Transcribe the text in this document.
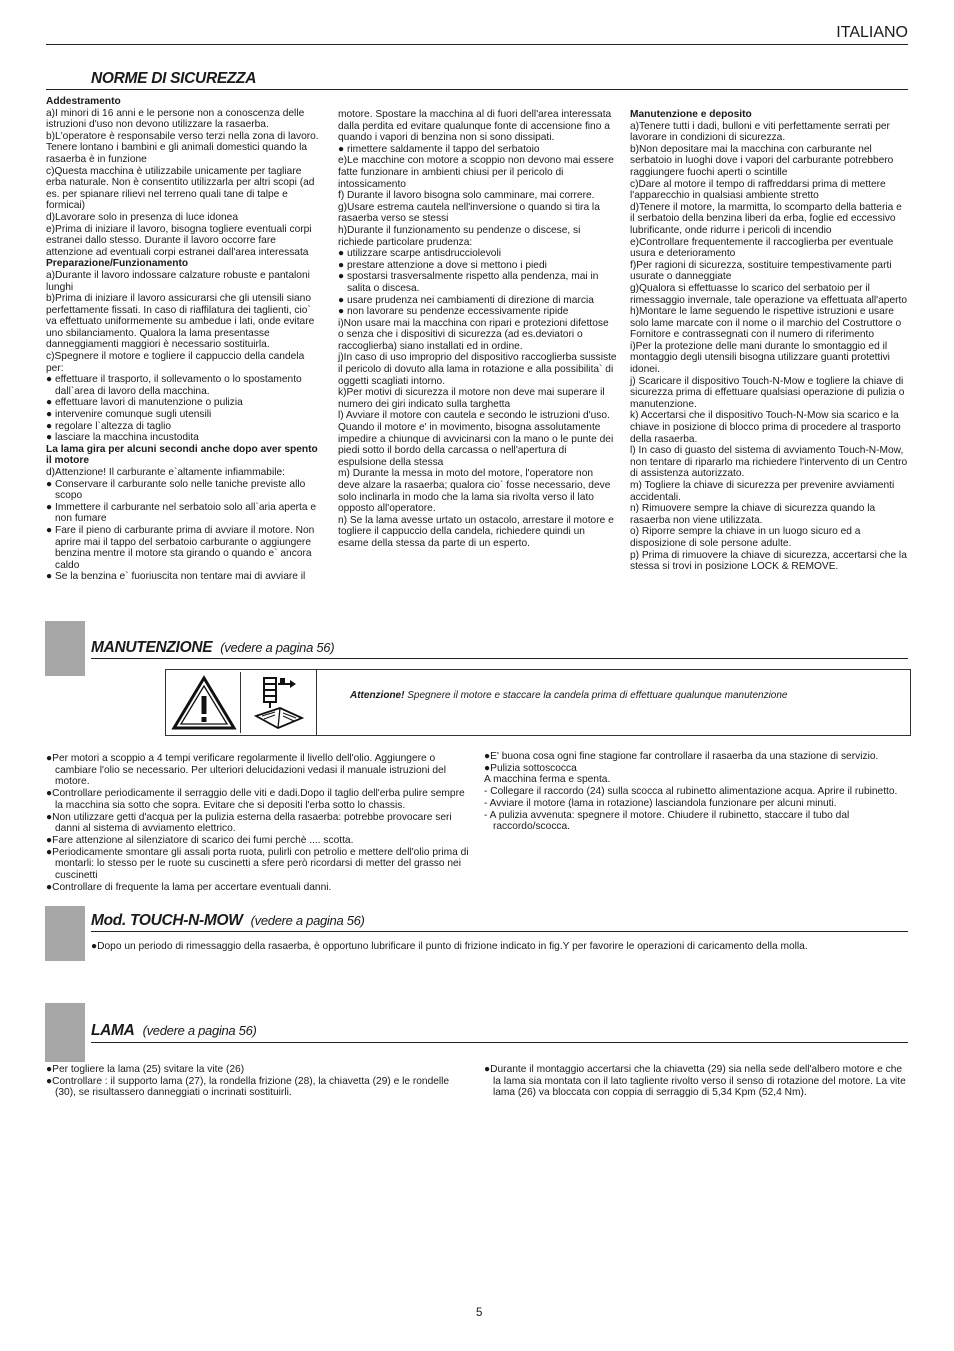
ITALIANO
NORME DI SICUREZZA

Addestramento

a)I minori di 16 anni e le persone non a conoscenza delle istruzioni d'uso non devono utilizzare la rasaerba.

b)L'operatore è responsabile verso terzi nella zona di lavoro. Tenere lontano i bambini e gli animali domestici quando la rasaerba è in funzione

c)Questa macchina è utilizzabile unicamente per tagliare erba naturale. Non è consentito utilizzarla per altri scopi (ad es. per spianare rilievi nel terreno quali tane di talpe e formicai)

d)Lavorare solo in presenza di luce idonea

e)Prima di iniziare il lavoro, bisogna togliere eventuali corpi estranei dallo stesso. Durante il lavoro occorre fare attenzione ad eventuali corpi estranei dall'area interessata

Preparazione/Funzionamento

a)Durante il lavoro indossare calzature robuste e pantaloni lunghi

b)Prima di iniziare il lavoro assicurarsi che gli utensili siano perfettamente fissati. In caso di riaffilatura dei taglienti, cio` va effettuato uniformemente su ambedue i lati, onde evitare uno sbilanciamento. Qualora la lama presentasse danneggiamenti maggiori è necessario sostituirla.

c)Spegnere il motore e togliere il cappuccio della candela per:

● effettuare il trasporto, il sollevamento o lo spostamento dall`area di lavoro della macchina.

● effettuare lavori di manutenzione o pulizia

● intervenire comunque sugli utensili

● regolare l`altezza di taglio

● lasciare la macchina incustodita

La lama gira per alcuni secondi anche dopo aver spento il motore

d)Attenzione! Il carburante e`altamente infiammabile:

● Conservare il carburante solo nelle taniche previste allo scopo

● Immettere il carburante nel serbatoio solo all`aria aperta e non fumare

● Fare il pieno di carburante prima di avviare il motore. Non aprire mai il tappo del serbatoio carburante o aggiungere benzina mentre il motore sta girando o quando e` ancora caldo

● Se la benzina e` fuoriuscita non tentare mai di avviare il

motore. Spostare la macchina al di fuori dell'area interessata dalla perdita ed evitare qualunque fonte di accensione fino a quando i vapori di benzina non si sono dissipati.

● rimettere saldamente il tappo del serbatoio

e)Le macchine con motore a scoppio non devono mai essere fatte funzionare in ambienti chiusi per il pericolo di intossicamento

f) Durante il lavoro bisogna solo camminare, mai correre.

g)Usare estrema cautela nell'inversione o quando si tira la rasaerba verso se stessi

h)Durante il funzionamento su pendenze o discese, si richiede particolare prudenza:

● utilizzare scarpe antisdrucciolevoli

● prestare attenzione a dove si mettono i piedi

● spostarsi trasversalmente rispetto alla pendenza, mai in salita o discesa.

● usare prudenza nei cambiamenti di direzione di marcia

● non lavorare su pendenze eccessivamente ripide

i)Non usare mai la macchina con ripari e protezioni difettose o senza che i dispositivi di sicurezza (ad es.deviatori o raccoglierba) siano installati ed in ordine.

j)In caso di uso improprio del dispositivo raccoglierba sussiste il pericolo di dovuto alla lama in rotazione e alla possibilita` di oggetti scagliati intorno.

k)Per motivi di sicurezza il motore non deve mai superare il numero dei giri indicato sulla targhetta

l) Avviare il motore con cautela e secondo le istruzioni d'uso. Quando il motore e' in movimento, bisogna assolutamente impedire a chiunque di avvicinarsi con la mano o le punte dei piedi sotto il bordo della carcassa o nell'apertura di espulsione della stessa

m) Durante la messa in moto del motore, l'operatore non deve alzare la rasaerba; qualora cio` fosse necessario, deve solo inclinarla in modo che la lama sia rivolta verso il lato opposto all'operatore.

n) Se la lama avesse urtato un ostacolo, arrestare il motore e togliere il cappuccio della candela, richiedere quindi un esame della stessa da parte di un esperto.

Manutenzione e deposito

a)Tenere tutti i dadi, bulloni e viti perfettamente serrati per lavorare in condizioni di sicurezza.

b)Non depositare mai la macchina con carburante nel serbatoio in luoghi dove i vapori del carburante potrebbero raggiungere fuochi aperti o scintille

c)Dare al motore il tempo di raffreddarsi prima di mettere l'apparecchio in qualsiasi ambiente stretto

d)Tenere il motore, la marmitta, lo scomparto della batteria e il serbatoio della benzina liberi da erba, foglie ed eccessivo lubrificante, onde ridurre i pericoli di incendio

e)Controllare frequentemente il raccoglierba per eventuale usura e deterioramento

f)Per ragioni di sicurezza, sostituire tempestivamente parti usurate o danneggiate

g)Qualora si effettuasse lo scarico del serbatoio per il rimessaggio invernale, tale operazione va effettuata all'aperto

h)Montare le lame seguendo le rispettive istruzioni e usare solo lame marcate con il nome o il marchio del Costruttore o Fornitore e contrassegnati con il numero di riferimento

i)Per la protezione delle mani durante lo smontaggio ed il montaggio degli utensili bisogna utilizzare guanti protettivi idonei.

j) Scaricare il dispositivo Touch-N-Mow e togliere la chiave di sicurezza prima di effettuare qualsiasi operazione di pulizia o manutenzione.

k) Accertarsi che il dispositivo Touch-N-Mow sia scarico e la chiave in posizione di blocco prima di procedere al trasporto della rasaerba.

l) In caso di guasto del sistema di avviamento Touch-N-Mow, non tentare di ripararlo ma richiedere l'intervento di un Centro di assistenza autorizzato.

m) Togliere la chiave di sicurezza per prevenire avviamenti accidentali.

n) Rimuovere sempre la chiave di sicurezza quando la rasaerba non viene utilizzata.

o) Riporre sempre la chiave in un luogo sicuro ed a disposizione di sole persone adulte.

p) Prima di rimuovere la chiave di sicurezza, accertarsi che la stessa si trovi in posizione LOCK & REMOVE.

MANUTENZIONE (vedere a pagina 56)
Attenzione! Spegnere il motore e staccare la candela prima di effettuare qualunque manutenzione

●Per motori a scoppio a 4 tempi verificare regolarmente il livello dell'olio. Aggiungere o cambiare l'olio se necessario. Per ulteriori delucidazioni vedasi il manuale istruzioni del motore.

●Controllare periodicamente il serraggio delle viti e dadi.Dopo il taglio dell'erba pulire sempre la macchina sia sotto che sopra. Evitare che si depositi l'erba sotto lo chassis.

●Non utilizzare getti d'acqua per la pulizia esterna della rasaerba: potrebbe provocare seri danni al sistema di avviamento elettrico.

●Fare attenzione al silenziatore di scarico dei fumi perchè .... scotta.

●Periodicamente smontare gli assali porta ruota, pulirli con petrolio e mettere dell'olio prima di montarli: lo stesso per le ruote su cuscinetti a sfere però ricordarsi di metter del grasso nei cuscinetti

●Controllare di frequente la lama per accertare eventuali danni.

●E' buona cosa ogni fine stagione far controllare il rasaerba da una stazione di servizio.

●Pulizia sottoscocca

A macchina ferma e spenta.

- Collegare il raccordo (24) sulla scocca al rubinetto alimentazione acqua. Aprire il rubinetto.

- Avviare il motore (lama in rotazione) lasciandola funzionare per alcuni minuti.

- A pulizia avvenuta: spegnere il motore. Chiudere il rubinetto, staccare il tubo dal raccordo/scocca.

Mod. TOUCH-N-MOW (vedere a pagina 56)
●Dopo un periodo di rimessaggio della rasaerba, è opportuno lubrificare il punto di frizione indicato in fig.Y per favorire le operazioni di caricamento della molla.
LAMA (vedere a pagina 56)

●Per togliere la lama (25) svitare la vite (26)

●Controllare : il supporto lama (27), la rondella frizione (28), la chiavetta (29) e le rondelle (30), se risultassero danneggiati o incrinati sostituirli.

●Durante il montaggio accertarsi che la chiavetta (29) sia nella sede dell'albero motore e che la lama sia montata con il lato tagliente rivolto verso il senso di rotazione del motore. La vite lama (26) va bloccata con coppia di serraggio di 5,34 Kpm (52,4 Nm).

5
